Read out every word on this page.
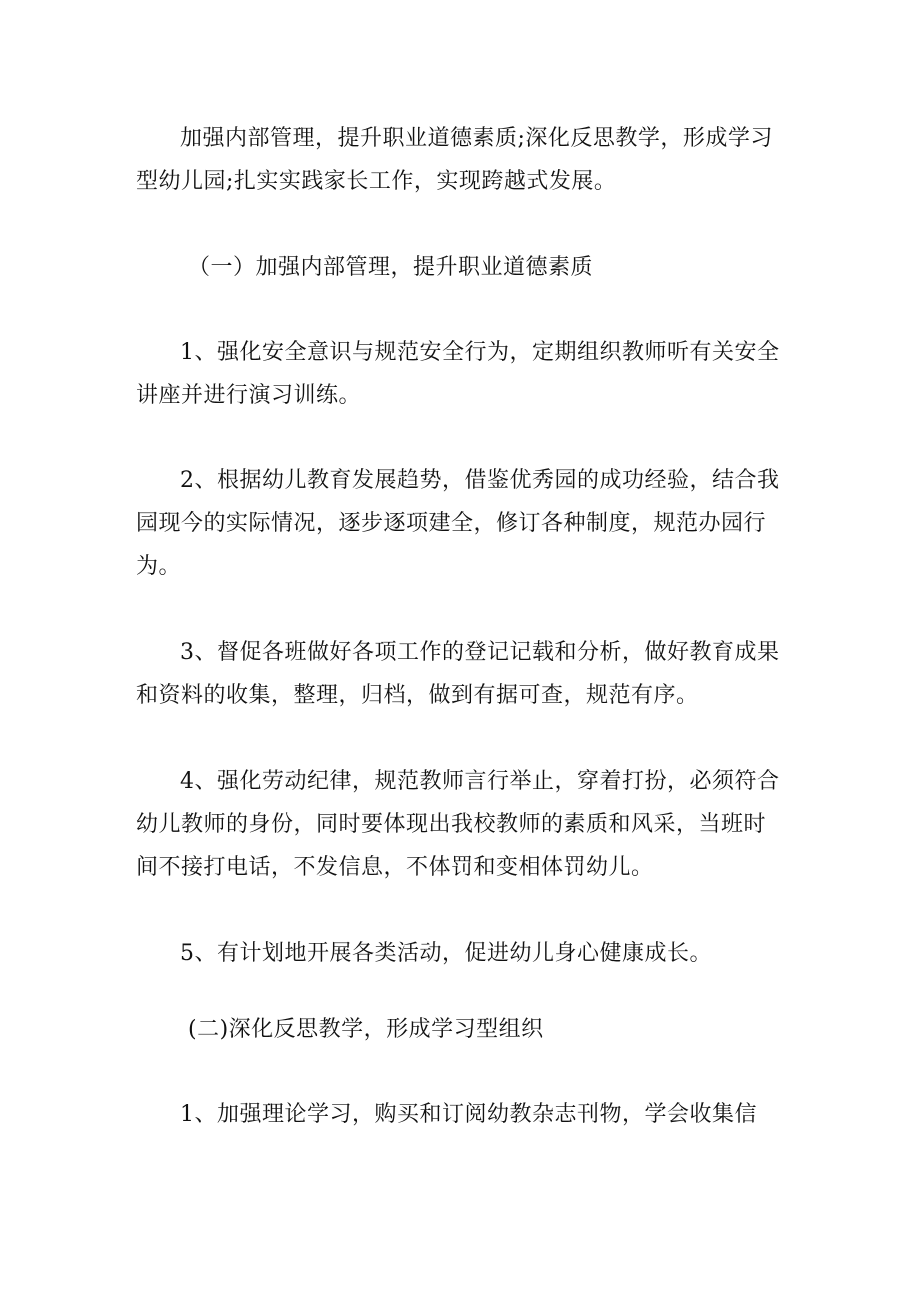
加强内部管理，提升职业道德素质;深化反思教学，形成学习型幼儿园;扎实实践家长工作，实现跨越式发展。

（一）加强内部管理，提升职业道德素质

1、强化安全意识与规范安全行为，定期组织教师听有关安全讲座并进行演习训练。

2、根据幼儿教育发展趋势，借鉴优秀园的成功经验，结合我园现今的实际情况，逐步逐项建全，修订各种制度，规范办园行为。

3、督促各班做好各项工作的登记记载和分析，做好教育成果和资料的收集，整理，归档，做到有据可查，规范有序。

4、强化劳动纪律，规范教师言行举止，穿着打扮，必须符合幼儿教师的身份，同时要体现出我校教师的素质和风采，当班时间不接打电话，不发信息，不体罚和变相体罚幼儿。

5、有计划地开展各类活动，促进幼儿身心健康成长。

(二)深化反思教学，形成学习型组织

1、加强理论学习，购买和订阅幼教杂志刊物，学会收集信
